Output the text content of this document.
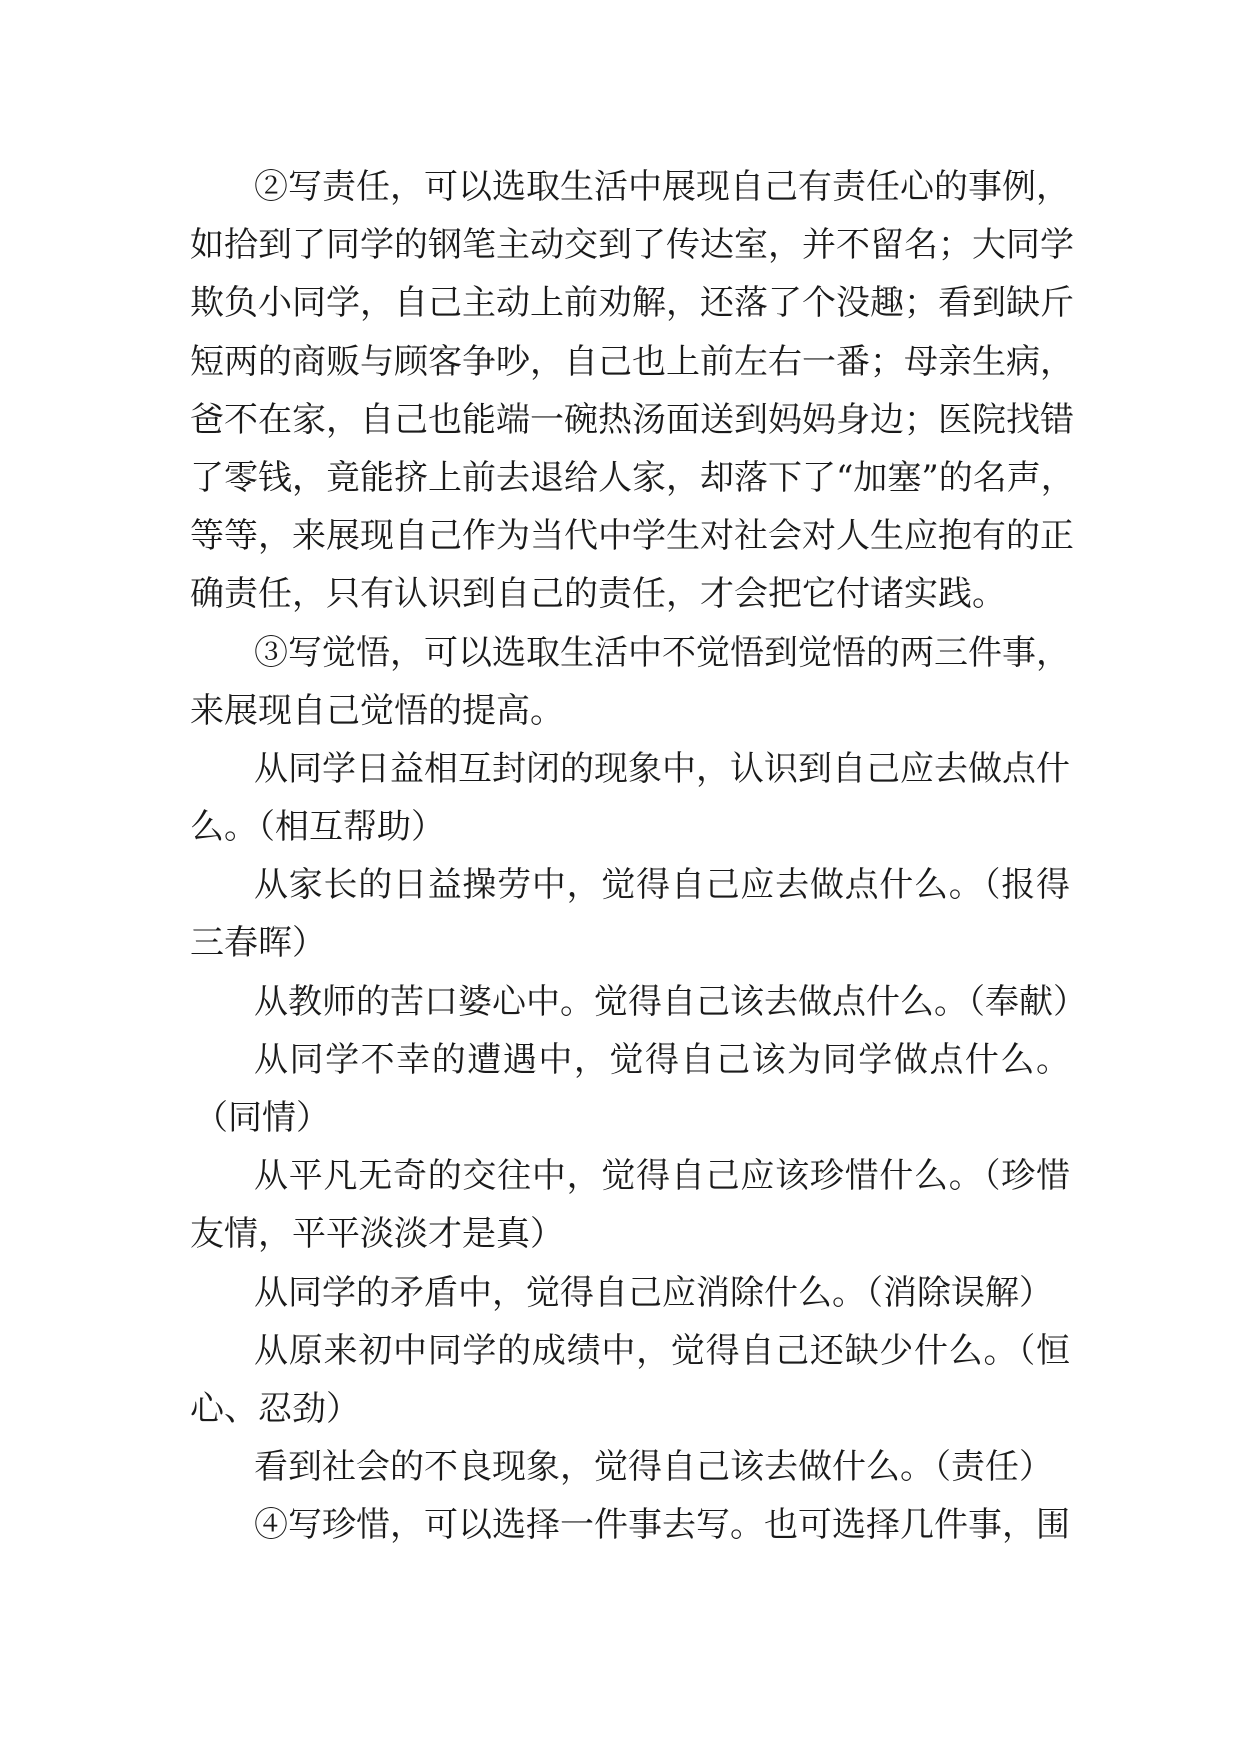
②写责任，可以选取生活中展现自己有责任心的事例，
如拾到了同学的钢笔主动交到了传达室，并不留名；大同学
欺负小同学，自己主动上前劝解，还落了个没趣；看到缺斤
短两的商贩与顾客争吵，自己也上前左右一番；母亲生病，
爸不在家，自己也能端一碗热汤面送到妈妈身边；医院找错
了零钱，竟能挤上前去退给人家，却落下了“加塞”的名声，
等等，来展现自己作为当代中学生对社会对人生应抱有的正
确责任，只有认识到自己的责任，才会把它付诸实践。
③写觉悟，可以选取生活中不觉悟到觉悟的两三件事，
来展现自己觉悟的提高。
从同学日益相互封闭的现象中，认识到自己应去做点什
么。（相互帮助）
从家长的日益操劳中，觉得自己应去做点什么。（报得
三春晖）
从教师的苦口婆心中。觉得自己该去做点什么。（奉献）
从同学不幸的遭遇中，觉得自己该为同学做点什么。
（同情）
从平凡无奇的交往中，觉得自己应该珍惜什么。（珍惜
友情，平平淡淡才是真）
从同学的矛盾中，觉得自己应消除什么。（消除误解）
从原来初中同学的成绩中，觉得自己还缺少什么。（恒
心、忍劲）
看到社会的不良现象，觉得自己该去做什么。（责任）
④写珍惜，可以选择一件事去写。也可选择几件事，围
